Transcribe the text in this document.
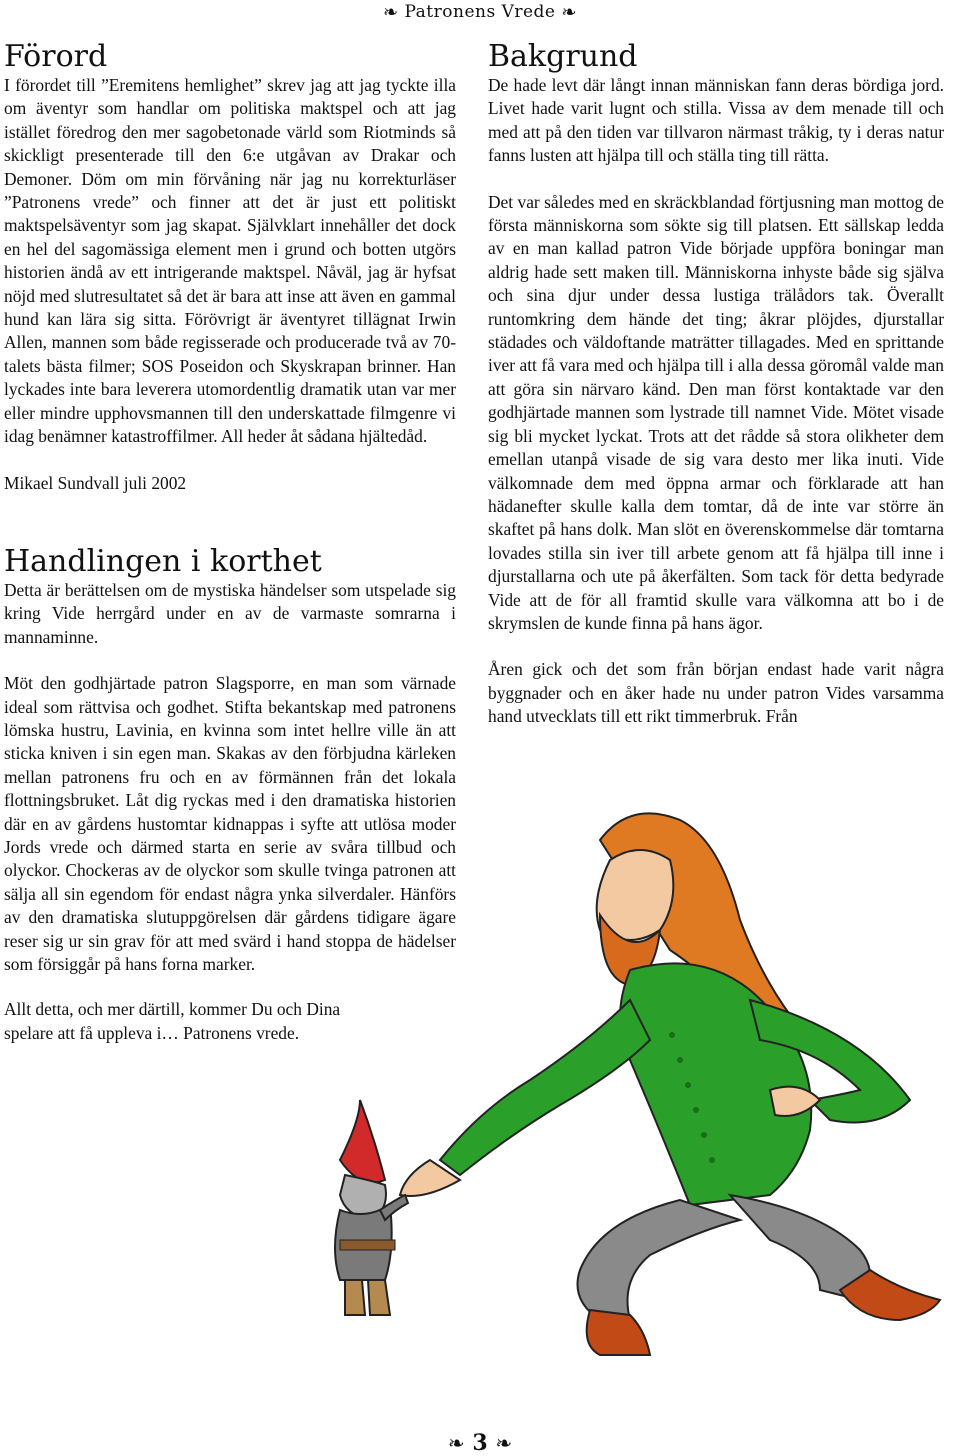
❧ Patronens Vrede ❧
Förord

I förordet till ”Eremitens hemlighet” skrev jag att jag tyckte illa om äventyr som handlar om politiska maktspel och att jag istället föredrog den mer sagobetonade värld som Riotminds så skickligt presenterade till den 6:e utgåvan av Drakar och Demoner. Döm om min förvåning när jag nu korrekturläser ”Patronens vrede” och finner att det är just ett politiskt maktspelsäventyr som jag skapat. Självklart innehåller det dock en hel del sagomässiga element men i grund och botten utgörs historien ändå av ett intrigerande maktspel. Nåväl, jag är hyfsat nöjd med slutresultatet så det är bara att inse att även en gammal hund kan lära sig sitta. Förövrigt är äventyret tillägnat Irwin Allen, mannen som både regisserade och producerade två av 70-talets bästa filmer; SOS Poseidon och Skyskrapan brinner. Han lyckades inte bara leverera utomordentlig dramatik utan var mer eller mindre upphovsmannen till den underskattade filmgenre vi idag benämner katastroffilmer. All heder åt sådana hjältedåd.

Mikael Sundvall juli 2002

Handlingen i korthet

Detta är berättelsen om de mystiska händelser som utspelade sig kring Vide herrgård under en av de varmaste somrarna i mannaminne.

Möt den godhjärtade patron Slagsporre, en man som värnade ideal som rättvisa och godhet. Stifta bekantskap med patronens lömska hustru, Lavinia, en kvinna som intet hellre ville än att sticka kniven i sin egen man. Skakas av den förbjudna kärleken mellan patronens fru och en av förmännen från det lokala flottningsbruket. Låt dig ryckas med i den dramatiska historien där en av gårdens hustomtar kidnappas i syfte att utlösa moder Jords vrede och därmed starta en serie av svåra tillbud och olyckor. Chockeras av de olyckor som skulle tvinga patronen att sälja all sin egendom för endast några ynka silverdaler. Hänförs av den dramatiska slutuppgörelsen där gårdens tidigare ägare reser sig ur sin grav för att med svärd i hand stoppa de hädelser som försiggår på hans forna marker.

Allt detta, och mer därtill, kommer Du och Dina spelare att få uppleva i… Patronens vrede.

Bakgrund

De hade levt där långt innan människan fann deras bördiga jord. Livet hade varit lugnt och stilla. Vissa av dem menade till och med att på den tiden var tillvaron närmast tråkig, ty i deras natur fanns lusten att hjälpa till och ställa ting till rätta.

Det var således med en skräckblandad förtjusning man mottog de första människorna som sökte sig till platsen. Ett sällskap ledda av en man kallad patron Vide började uppföra boningar man aldrig hade sett maken till. Människorna inhyste både sig själva och sina djur under dessa lustiga trälådors tak. Överallt runtomkring dem hände det ting; åkrar plöjdes, djurstallar städades och väldoftande maträtter tillagades. Med en sprittande iver att få vara med och hjälpa till i alla dessa göromål valde man att göra sin närvaro känd. Den man först kontaktade var den godhjärtade mannen som lystrade till namnet Vide. Mötet visade sig bli mycket lyckat. Trots att det rådde så stora olikheter dem emellan utanpå visade de sig vara desto mer lika inuti. Vide välkomnade dem med öppna armar och förklarade att han hädanefter skulle kalla dem tomtar, då de inte var större än skaftet på hans dolk. Man slöt en överenskommelse där tomtarna lovades stilla sin iver till arbete genom att få hjälpa till inne i djurstallarna och ute på åkerfälten. Som tack för detta bedyrade Vide att de för all framtid skulle vara välkomna att bo i de skrymslen de kunde finna på hans ägor.

Åren gick och det som från början endast hade varit några byggnader och en åker hade nu under patron Vides varsamma hand utvecklats till ett rikt timmerbruk. Från

❧ 3 ❧
